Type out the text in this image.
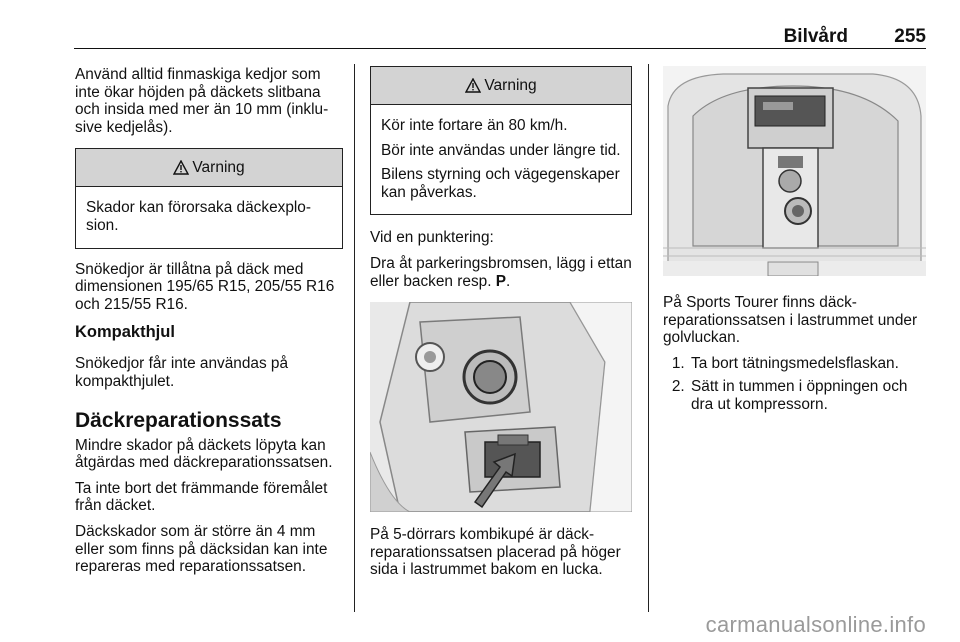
Bilvård 255

Använd alltid finmaskiga kedjor som inte ökar höjden på däckets slitbana och insida med mer än 10 mm (inklusive kedjelås).

Varning

Skador kan förorsaka däckexplosion.

Snökedjor är tillåtna på däck med dimensionen 195/65 R15, 205/55 R16 och 215/55 R16.

Kompakthjul

Snökedjor får inte användas på kompakthjulet.

Däckreparationssats

Mindre skador på däckets löpyta kan åtgärdas med däckreparationssatsen.

Ta inte bort det främmande föremålet från däcket.

Däckskador som är större än 4 mm eller som finns på däcksidan kan inte repareras med reparationssatsen.

Varning

Kör inte fortare än 80 km/h.

Bör inte användas under längre tid.

Bilens styrning och vägegenskaper kan påverkas.

Vid en punktering:

Dra åt parkeringsbromsen, lägg i ettan eller backen resp. P.

På 5-dörrars kombikupé är däckreparationssatsen placerad på höger sida i lastrummet bakom en lucka.

På Sports Tourer finns däckreparationssatsen i lastrummet under golvluckan.

1. Ta bort tätningsmedelsflaskan.
2. Sätt in tummen i öppningen och dra ut kompressorn.
carmanualsonline.info
